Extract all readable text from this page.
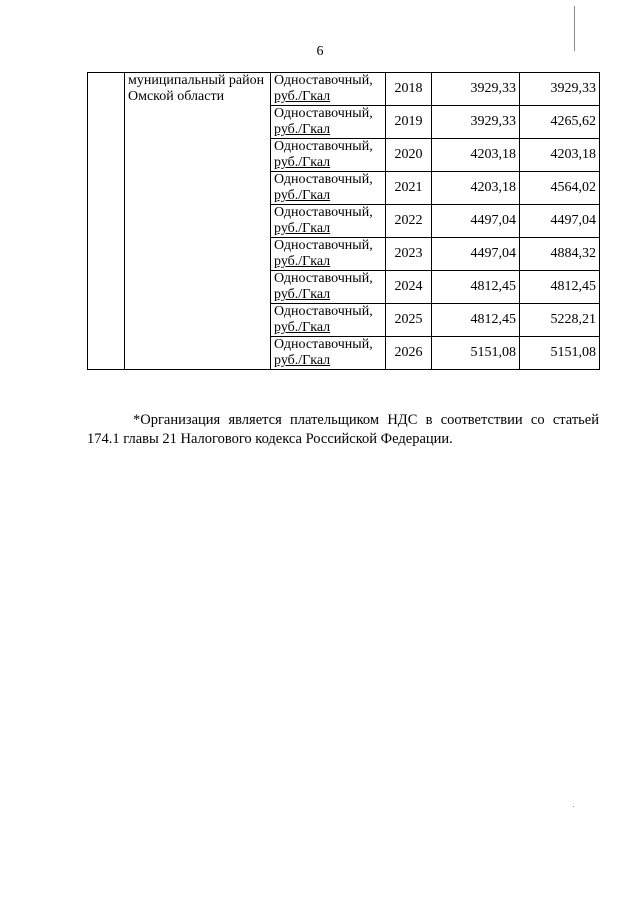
6
	муниципальный район Омской области	Одноставочный,
руб./Гкал	2018	3929,33	3929,33

		Одноставочный,
руб./Гкал	2019	3929,33	4265,62

		Одноставочный,
руб./Гкал	2020	4203,18	4203,18

		Одноставочный,
руб./Гкал	2021	4203,18	4564,02

		Одноставочный,
руб./Гкал	2022	4497,04	4497,04

		Одноставочный,
руб./Гкал	2023	4497,04	4884,32

		Одноставочный,
руб./Гкал	2024	4812,45	4812,45

		Одноставочный,
руб./Гкал	2025	4812,45	5228,21

		Одноставочный,
руб./Гкал	2026	5151,08	5151,08
*Организация является плательщиком НДС в соответствии со статьей 174.1 главы 21 Налогового кодекса Российской Федерации.
